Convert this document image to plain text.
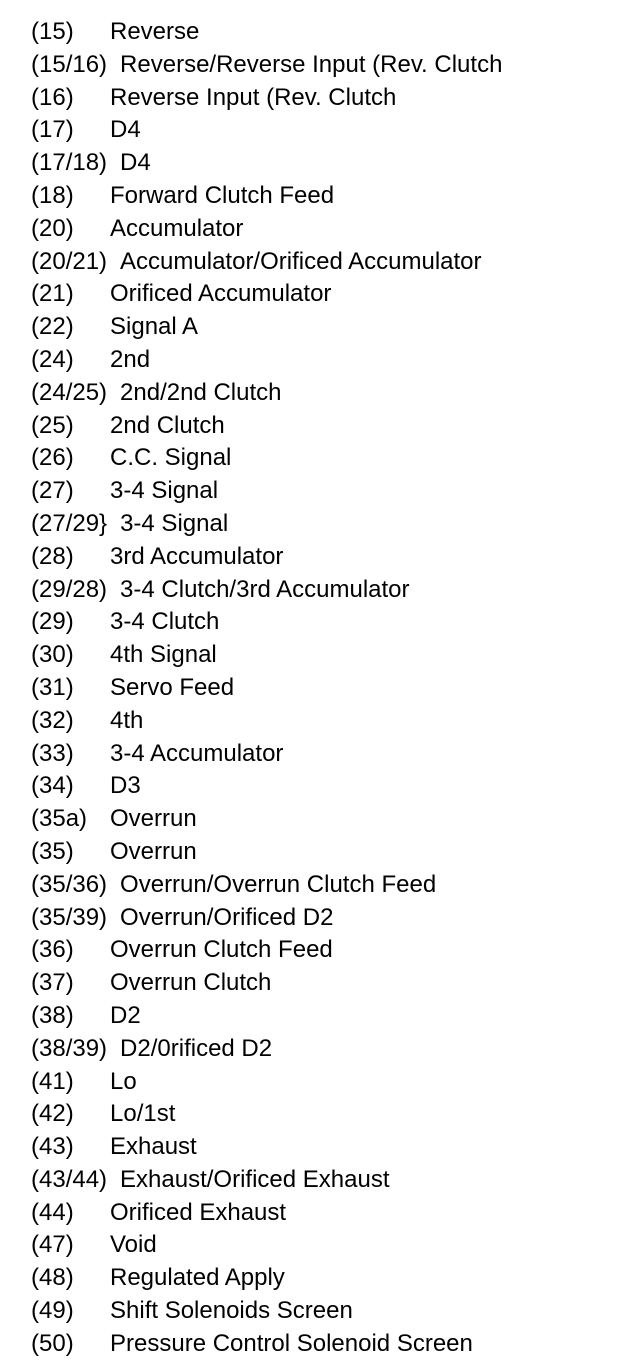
(15)	Reverse
(15/16) Reverse/Reverse Input (Rev. Clutch
(16)	Reverse Input (Rev. Clutch
(17)	D4
(17/18) D4
(18)	Forward Clutch Feed
(20)	Accumulator
(20/21) Accumulator/Orificed Accumulator
(21)	Orificed Accumulator
(22)	Signal A
(24)	2nd
(24/25) 2nd/2nd Clutch
(25)	2nd Clutch
(26)	C.C. Signal
(27)	3-4 Signal
(27/29} 3-4 Signal
(28)	3rd Accumulator
(29/28) 3-4 Clutch/3rd Accumulator
(29)	3-4 Clutch
(30)	4th Signal
(31)	Servo Feed
(32)	4th
(33)	3-4 Accumulator
(34)	D3
(35a) Overrun
(35)	Overrun
(35/36) Overrun/Overrun Clutch Feed
(35/39) Overrun/Orificed D2
(36)	Overrun Clutch Feed
(37)	Overrun Clutch
(38)	D2
(38/39) D2/0rificed D2
(41)	Lo
(42)	Lo/1st
(43)	Exhaust
(43/44) Exhaust/Orificed Exhaust
(44)	Orificed Exhaust
(47)	Void
(48)	Regulated Apply
(49)	Shift Solenoids Screen
(50)	Pressure Control Solenoid Screen
